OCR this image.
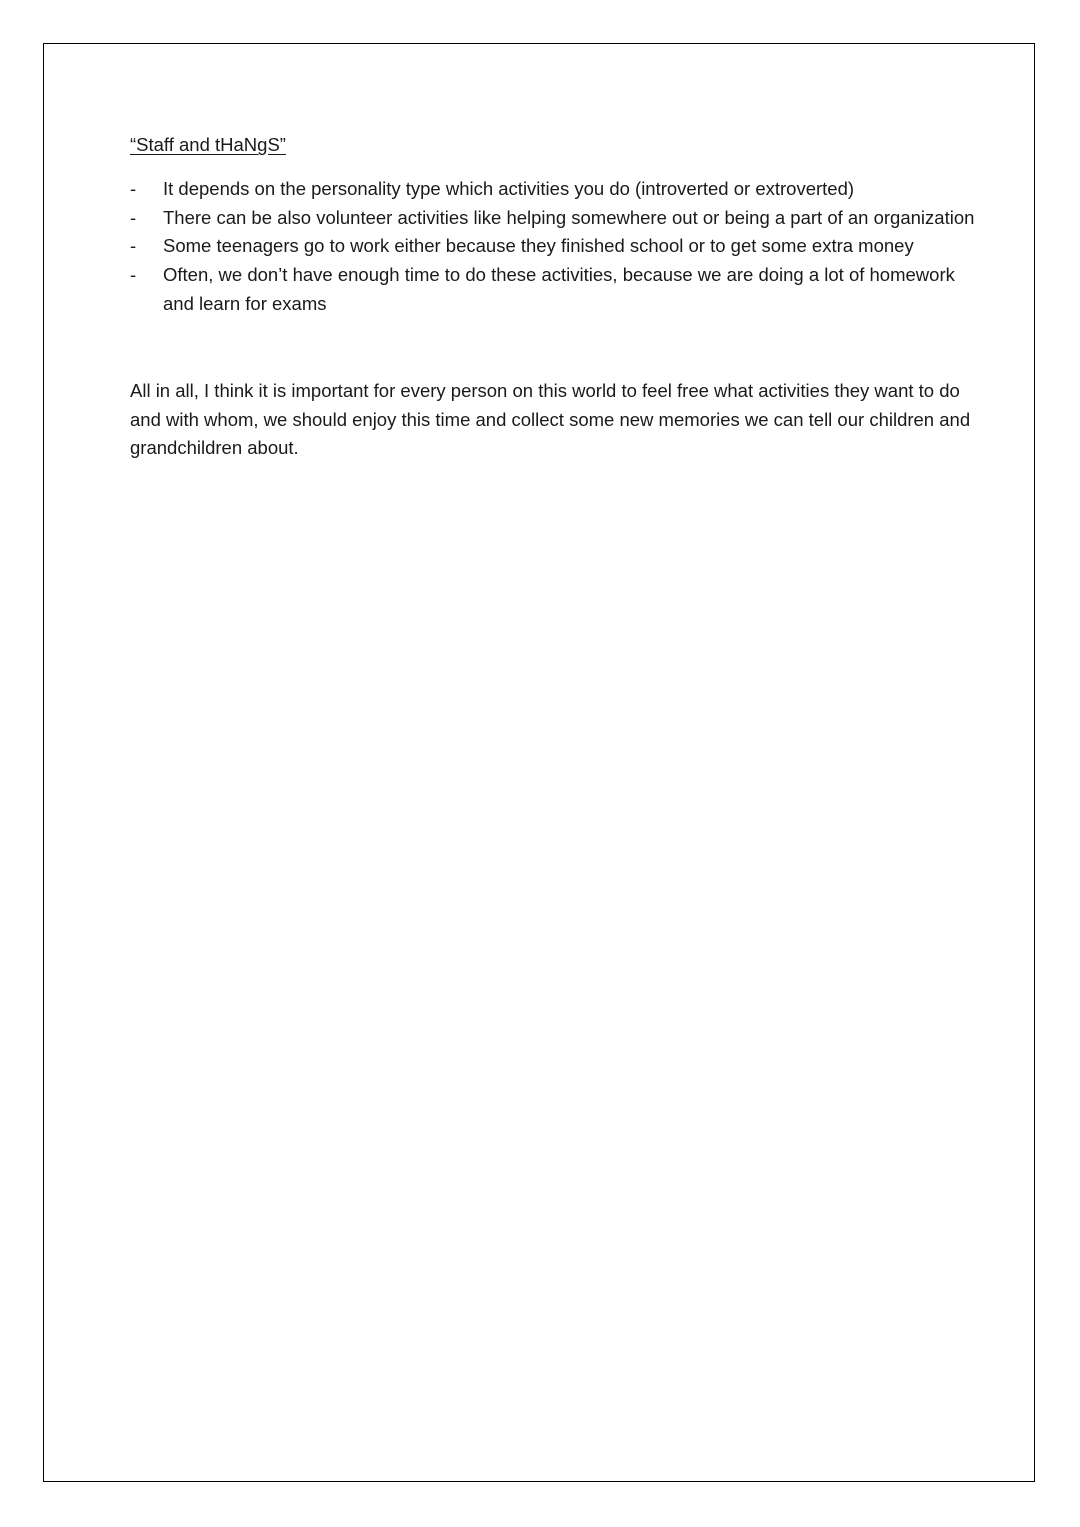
“Staff and tHaNgS”

- It depends on the personality type which activities you do (introverted or extroverted)
- There can be also volunteer activities like helping somewhere out or being a part of an organization
- Some teenagers go to work either because they finished school or to get some extra money
- Often, we don’t have enough time to do these activities, because we are doing a lot of homework and learn for exams

All in all, I think it is important for every person on this world to feel free what activities they want to do and with whom, we should enjoy this time and collect some new memories we can tell our children and grandchildren about.
